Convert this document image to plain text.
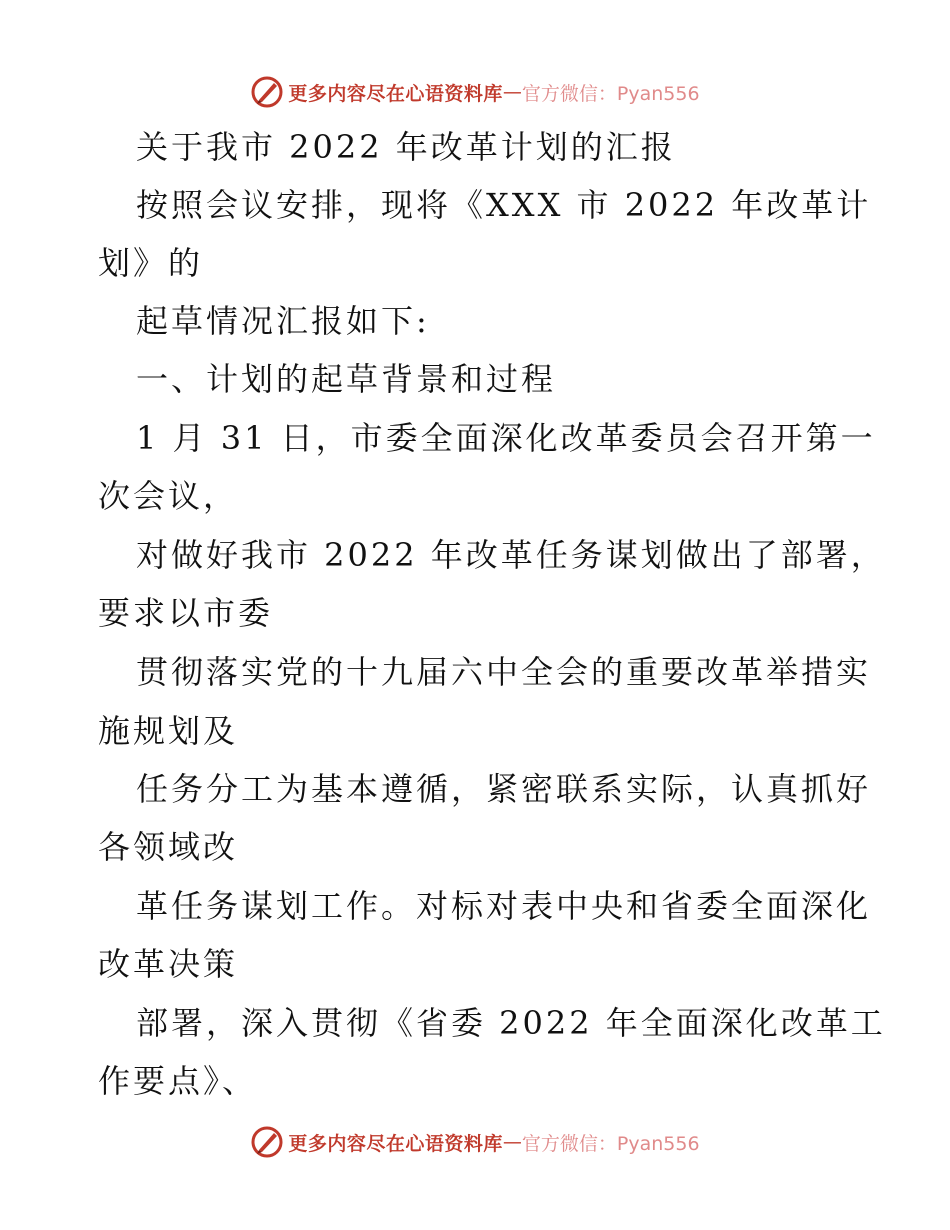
更多内容尽在心语资料库 — 官方微信：Pyan556
关于我市 2022 年改革计划的汇报
按照会议安排，现将《XXX 市 2022 年改革计
划》的
起草情况汇报如下:
一、计划的起草背景和过程
1 月 31 日，市委全面深化改革委员会召开第一
次会议，
对做好我市 2022 年改革任务谋划做出了部署，
要求以市委
贯彻落实党的十九届六中全会的重要改革举措实
施规划及
任务分工为基本遵循，紧密联系实际，认真抓好
各领域改
革任务谋划工作。对标对表中央和省委全面深化
改革决策
部署，深入贯彻《省委 2022 年全面深化改革工
作要点》、
更多内容尽在心语资料库 — 官方微信：Pyan556
